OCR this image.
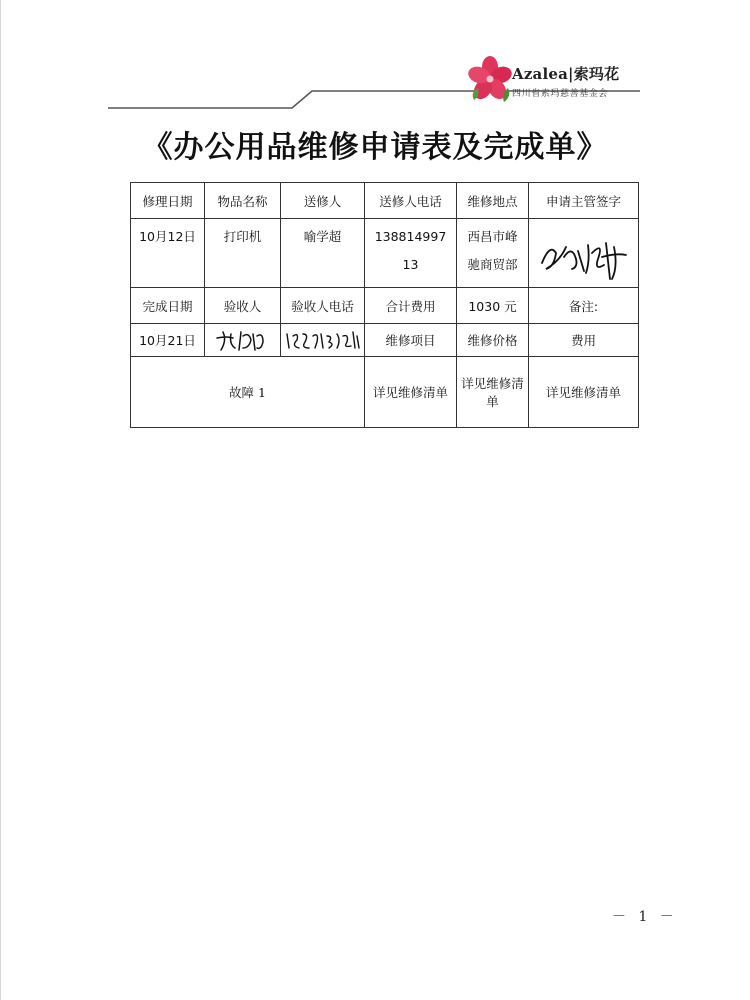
Azalea|索玛花
四川省索玛慈善基金会
《办公用品维修申请表及完成单》
修理日期	物品名称	送修人	送修人电话	维修地点	申请主管签字
10月12日	打印机	喻学超	138814997 13	西昌市峰驰商贸部	

完成日期	验收人	验收人电话	合计费用	1030 元	备注:
10月21日			维修项目	维修价格	费用
故障 1			详见维修清单	详见维修清单	详见维修清单
－ 1 －
